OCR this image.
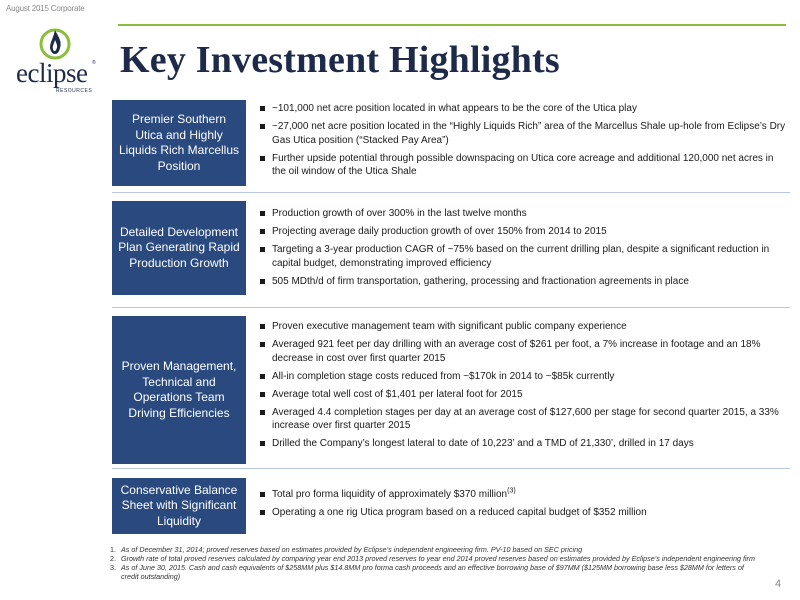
August 2015 Corporate
eclipse ®
RESOURCES
Key Investment Highlights
Premier Southern Utica and Highly Liquids Rich Marcellus Position
~101,000 net acre position located in what appears to be the core of the Utica play
~27,000 net acre position located in the “Highly Liquids Rich” area of the Marcellus Shale up-hole from Eclipse’s Dry Gas Utica position (“Stacked Pay Area”)
Further upside potential through possible downspacing on Utica core acreage and additional 120,000 net acres in the oil window of the Utica Shale
Detailed Development Plan Generating Rapid Production Growth
Production growth of over 300% in the last twelve months
Projecting average daily production growth of over 150% from 2014 to 2015
Targeting a 3-year production CAGR of ~75% based on the current drilling plan, despite a significant reduction in capital budget, demonstrating improved efficiency
505 MDth/d of firm transportation, gathering, processing and fractionation agreements in place
Proven Management, Technical and Operations Team Driving Efficiencies
Proven executive management team with significant public company experience
Averaged 921 feet per day drilling with an average cost of $261 per foot, a 7% increase in footage and an 18% decrease in cost over first quarter 2015
All-in completion stage costs reduced from ~$170k in 2014 to ~$85k currently
Average total well cost of $1,401 per lateral foot for 2015
Averaged 4.4 completion stages per day at an average cost of $127,600 per stage for second quarter 2015, a 33% increase over first quarter 2015
Drilled the Company’s longest lateral to date of 10,223’ and a TMD of 21,330’, drilled in 17 days
Conservative Balance Sheet with Significant Liquidity
Total pro forma liquidity of approximately $370 million$^{(3)}$
Operating a one rig Utica program based on a reduced capital budget of $352 million
1. As of December 31, 2014; proved reserves based on estimates provided by Eclipse’s independent engineering firm. PV-10 based on SEC pricing
2. Growth rate of total proved reserves calculated by comparing year end 2013 proved reserves to year end 2014 proved reserves based on estimates provided by Eclipse’s independent engineering firm
3. As of June 30, 2015. Cash and cash equivalents of $258MM plus $14.8MM pro forma cash proceeds and an effective borrowing base of $97MM ($125MM borrowing base less $28MM for letters of credit outstanding)
4
